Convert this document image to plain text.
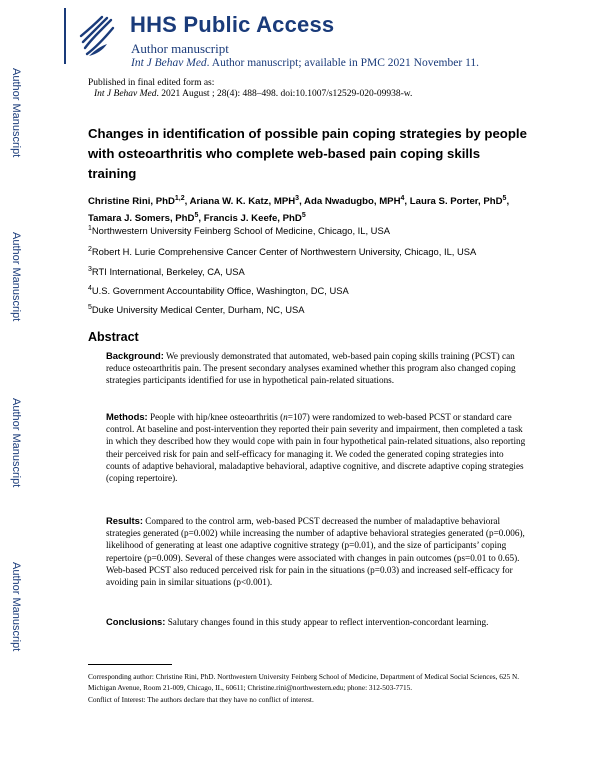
Author Manuscript
Author Manuscript
Author Manuscript
Author Manuscript
HHS Public Access
Author manuscript
Int J Behav Med. Author manuscript; available in PMC 2021 November 11.
Published in final edited form as:
Int J Behav Med. 2021 August ; 28(4): 488–498. doi:10.1007/s12529-020-09938-w.
Changes in identification of possible pain coping strategies by people with osteoarthritis who complete web-based pain coping skills training
Christine Rini, PhD$^{1,2}$, Ariana W. K. Katz, MPH$^3$, Ada Nwadugbo, MPH$^4$, Laura S. Porter, PhD$^5$, Tamara J. Somers, PhD$^5$, Francis J. Keefe, PhD$^5$
$^1$Northwestern University Feinberg School of Medicine, Chicago, IL, USA
$^2$Robert H. Lurie Comprehensive Cancer Center of Northwestern University, Chicago, IL, USA
$^3$RTI International, Berkeley, CA, USA
$^4$U.S. Government Accountability Office, Washington, DC, USA
$^5$Duke University Medical Center, Durham, NC, USA
Abstract
Background: We previously demonstrated that automated, web-based pain coping skills training (PCST) can reduce osteoarthritis pain. The present secondary analyses examined whether this program also changed coping strategies participants identified for use in hypothetical pain-related situations.
Methods: People with hip/knee osteoarthritis (n=107) were randomized to web-based PCST or standard care control. At baseline and post-intervention they reported their pain severity and impairment, then completed a task in which they described how they would cope with pain in four hypothetical pain-related situations, also reporting their perceived risk for pain and self-efficacy for managing it. We coded the generated coping strategies into counts of adaptive behavioral, maladaptive behavioral, adaptive cognitive, and discrete adaptive coping strategies (coping repertoire).
Results: Compared to the control arm, web-based PCST decreased the number of maladaptive behavioral strategies generated (p=0.002) while increasing the number of adaptive behavioral strategies generated (p=0.006), likelihood of generating at least one adaptive cognitive strategy (p=0.01), and the size of participants’ coping repertoire (p=0.009). Several of these changes were associated with changes in pain outcomes (ps=0.01 to 0.65). Web-based PCST also reduced perceived risk for pain in the situations (p=0.03) and increased self-efficacy for avoiding pain in similar situations (p<0.001).
Conclusions: Salutary changes found in this study appear to reflect intervention-concordant learning.
Corresponding author: Christine Rini, PhD. Northwestern University Feinberg School of Medicine, Department of Medical Social Sciences, 625 N. Michigan Avenue, Room 21-009, Chicago, IL, 60611; Christine.rini@northwestern.edu; phone: 312-503-7715.
Conflict of Interest: The authors declare that they have no conflict of interest.
